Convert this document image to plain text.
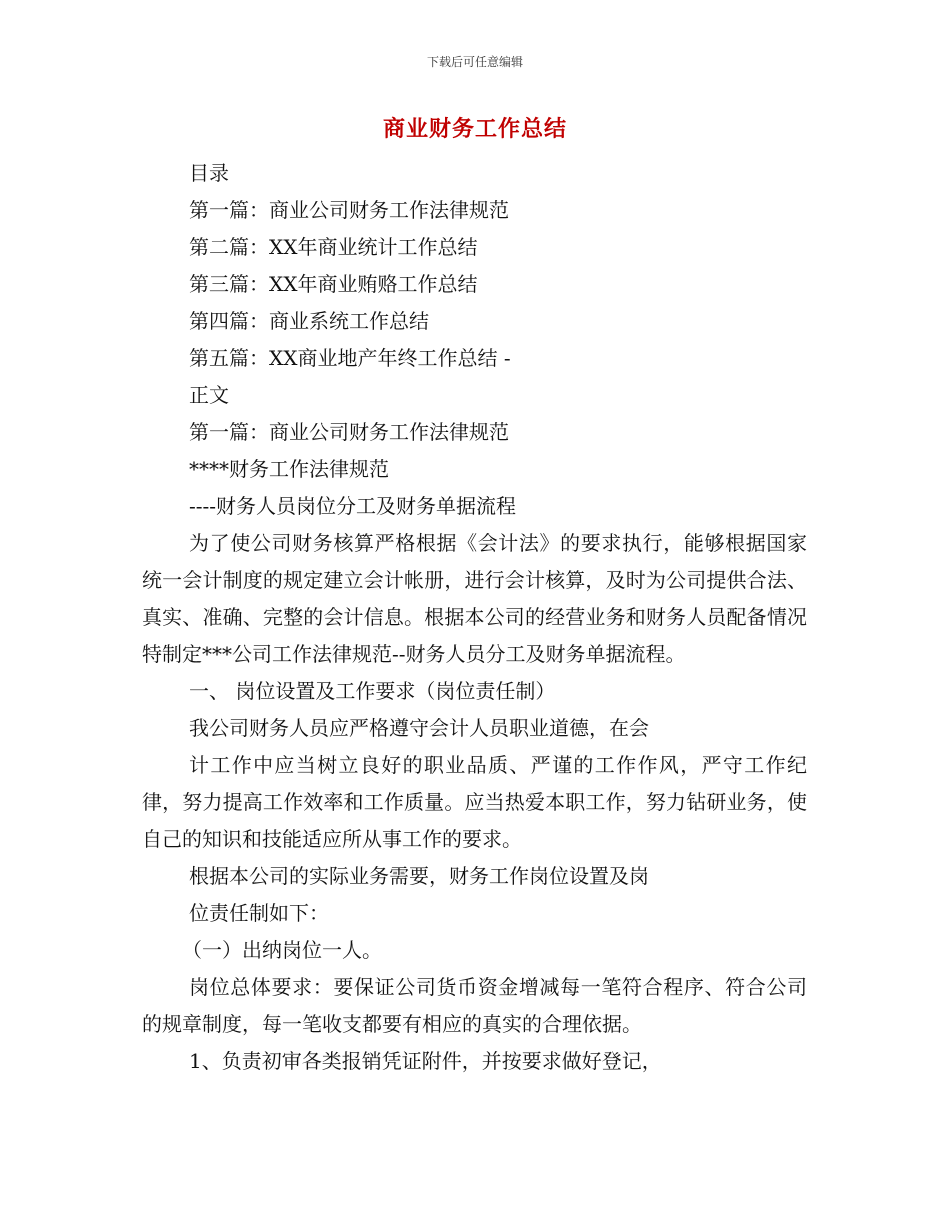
下载后可任意编辑
商业财务工作总结
目录
第一篇：商业公司财务工作法律规范
第二篇：XX年商业统计工作总结
第三篇：XX年商业贿赂工作总结
第四篇：商业系统工作总结
第五篇：XX商业地产年终工作总结 -
正文
第一篇：商业公司财务工作法律规范
****财务工作法律规范
----财务人员岗位分工及财务单据流程
为了使公司财务核算严格根据《会计法》的要求执行，能够根据国家统一会计制度的规定建立会计帐册，进行会计核算，及时为公司提供合法、真实、准确、完整的会计信息。根据本公司的经营业务和财务人员配备情况特制定***公司工作法律规范--财务人员分工及财务单据流程。
一、 岗位设置及工作要求（岗位责任制）
我公司财务人员应严格遵守会计人员职业道德，在会
计工作中应当树立良好的职业品质、严谨的工作作风，严守工作纪律，努力提高工作效率和工作质量。应当热爱本职工作，努力钻研业务，使自己的知识和技能适应所从事工作的要求。
根据本公司的实际业务需要，财务工作岗位设置及岗
位责任制如下：
（一）出纳岗位一人。
岗位总体要求：要保证公司货币资金增减每一笔符合程序、符合公司的规章制度，每一笔收支都要有相应的真实的合理依据。
1、负责初审各类报销凭证附件，并按要求做好登记，
